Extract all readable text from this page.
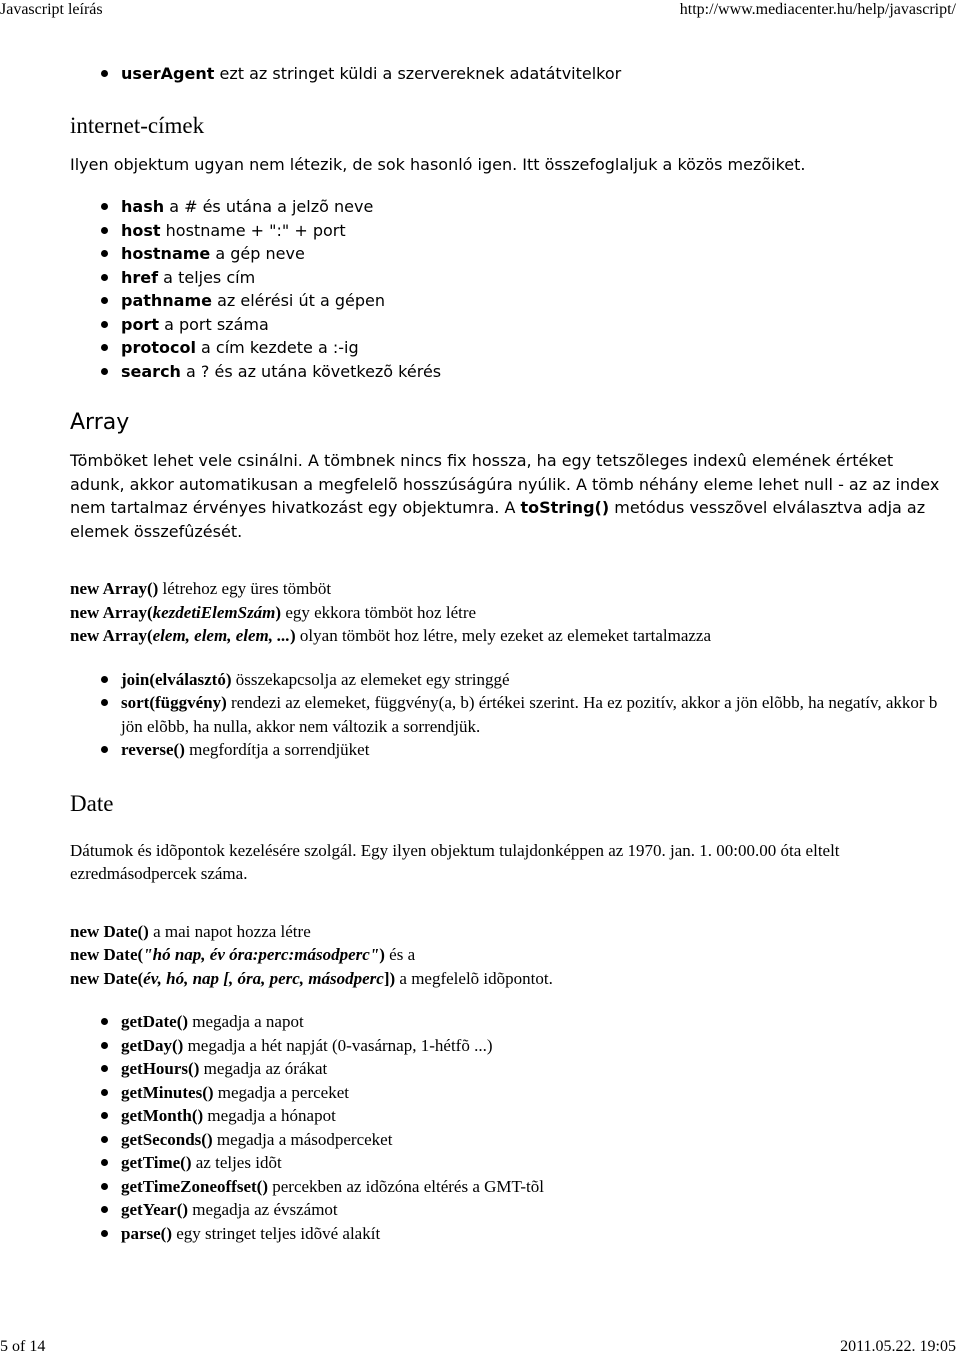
Javascript leírás	http://www.mediacenter.hu/help/javascript/
userAgent ezt az stringet küldi a szervereknek adatátvitelkor
internet-címek

Ilyen objektum ugyan nem létezik, de sok hasonló igen. Itt összefoglaljuk a közös mezõiket.

hash a # és utána a jelzõ neve
host hostname + ":" + port
hostname a gép neve
href a teljes cím
pathname az elérési út a gépen
port a port száma
protocol a cím kezdete a :-ig
search a ? és az utána következõ kérés
Array

Tömböket lehet vele csinálni. A tömbnek nincs fix hossza, ha egy tetszõleges indexû elemének értéket adunk, akkor automatikusan a megfelelõ hosszúságúra nyúlik. A tömb néhány eleme lehet null - az az index nem tartalmaz érvényes hivatkozást egy objektumra. A toString() metódus vesszõvel elválasztva adja az elemek összefûzését.

new Array() létrehoz egy üres tömböt

new Array(kezdetiElemSzám) egy ekkora tömböt hoz létre

new Array(elem, elem, elem, ...) olyan tömböt hoz létre, mely ezeket az elemeket tartalmazza

join(elválasztó) összekapcsolja az elemeket egy stringgé
sort(függvény) rendezi az elemeket, függvény(a, b) értékei szerint. Ha ez pozitív, akkor a jön elõbb, ha negatív, akkor b jön elõbb, ha nulla, akkor nem változik a sorrendjük.
reverse() megfordítja a sorrendjüket
Date

Dátumok és idõpontok kezelésére szolgál. Egy ilyen objektum tulajdonképpen az 1970. jan. 1. 00:00.00 óta eltelt ezredmásodpercek száma.

new Date() a mai napot hozza létre

new Date("hó nap, év óra:perc:másodperc") és a

new Date(év, hó, nap [, óra, perc, másodperc]) a megfelelõ idõpontot.

getDate() megadja a napot
getDay() megadja a hét napját (0-vasárnap, 1-hétfõ ...)
getHours() megadja az órákat
getMinutes() megadja a perceket
getMonth() megadja a hónapot
getSeconds() megadja a másodperceket
getTime() az teljes idõt
getTimeZoneoffset() percekben az idõzóna eltérés a GMT-tõl
getYear() megadja az évszámot
parse() egy stringet teljes idõvé alakít
5 of 14	2011.05.22. 19:05
